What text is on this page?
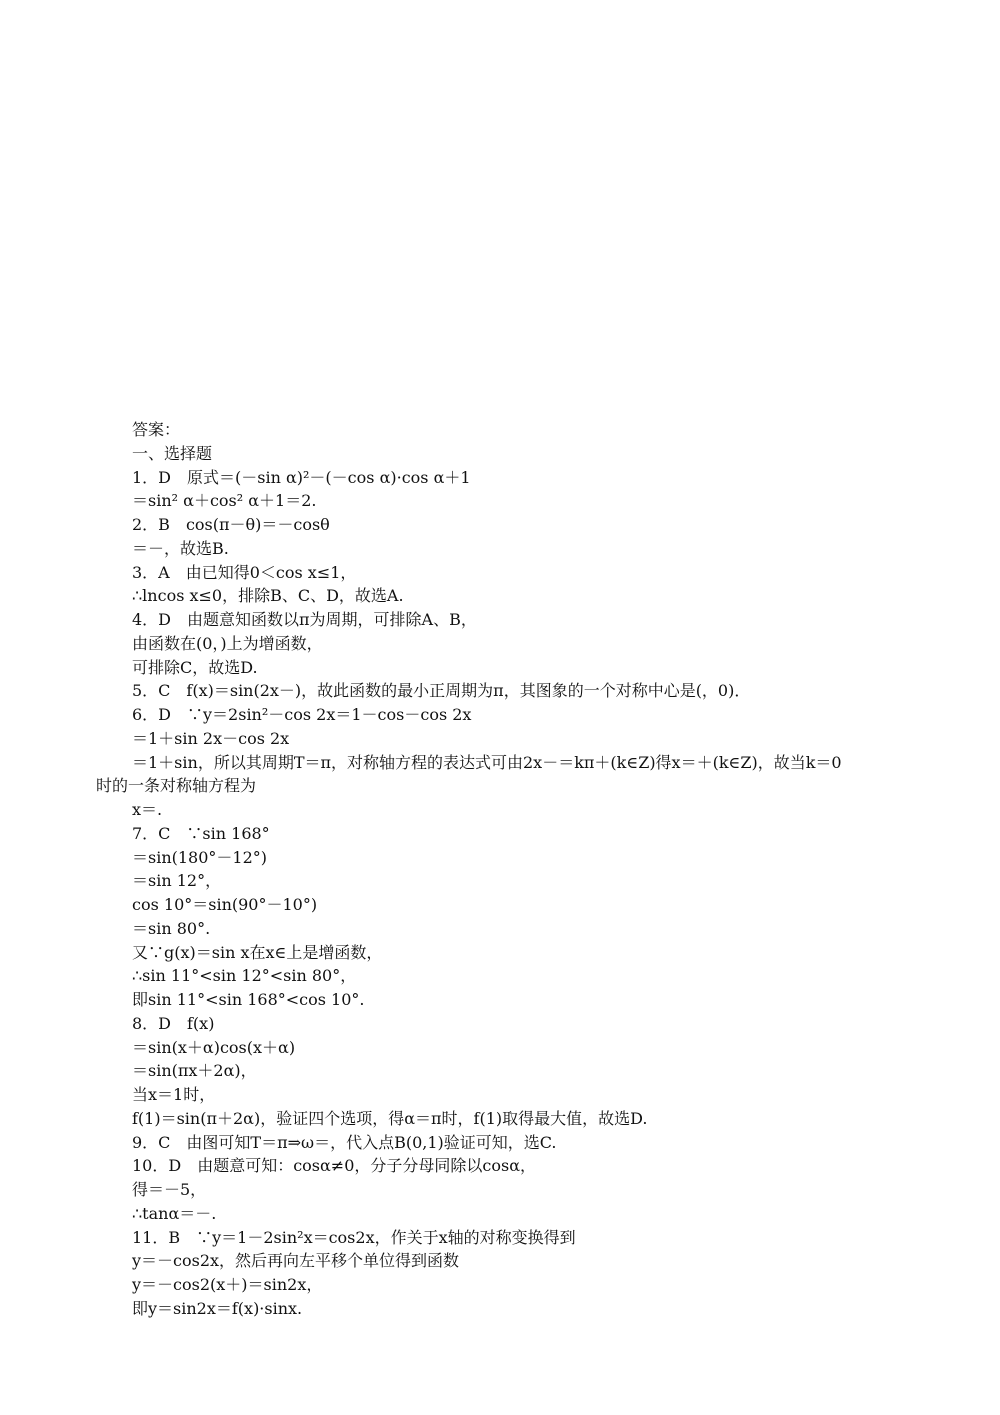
答案：
一、选择题
1．D　原式＝(－sin α)²－(－cos α)·cos α＋1
＝sin² α＋cos² α＋1＝2.
2．B　cos(π－θ)＝－cosθ
＝－，故选B.
3．A　由已知得0＜cos x≤1，
∴lncos x≤0，排除B、C、D，故选A.
4．D　由题意知函数以π为周期，可排除A、B，
由函数在(0，)上为增函数，
可排除C，故选D.
5．C　f(x)＝sin(2x－)，故此函数的最小正周期为π，其图象的一个对称中心是(，0)．
6．D　∵y＝2sin²－cos 2x＝1－cos－cos 2x
＝1＋sin 2x－cos 2x
＝1＋sin，所以其周期T＝π，对称轴方程的表达式可由2x－＝kπ＋(k∈Z)得x＝＋(k∈Z)，故当k＝0
时的一条对称轴方程为
x＝.
7．C　∵sin 168°
＝sin(180°－12°)
＝sin 12°，
cos 10°＝sin(90°－10°)
＝sin 80°.
又∵g(x)＝sin x在x∈上是增函数，
∴sin 11°<sin 12°<sin 80°，
即sin 11°<sin 168°<cos 10°.
8．D　f(x)
＝sin(x＋α)cos(x＋α)
＝sin(πx＋2α)，
当x＝1时，
f(1)＝sin(π＋2α)，验证四个选项，得α＝π时，f(1)取得最大值，故选D.
9．C　由图可知T＝π⇒ω＝，代入点B(0,1)验证可知，选C.
10．D　由题意可知：cosα≠0，分子分母同除以cosα，
得＝－5，
∴tanα＝－.
11．B　∵y＝1－2sin²x＝cos2x，作关于x轴的对称变换得到
y＝－cos2x，然后再向左平移个单位得到函数
y＝－cos2(x＋)＝sin2x，
即y＝sin2x＝f(x)·sinx.
